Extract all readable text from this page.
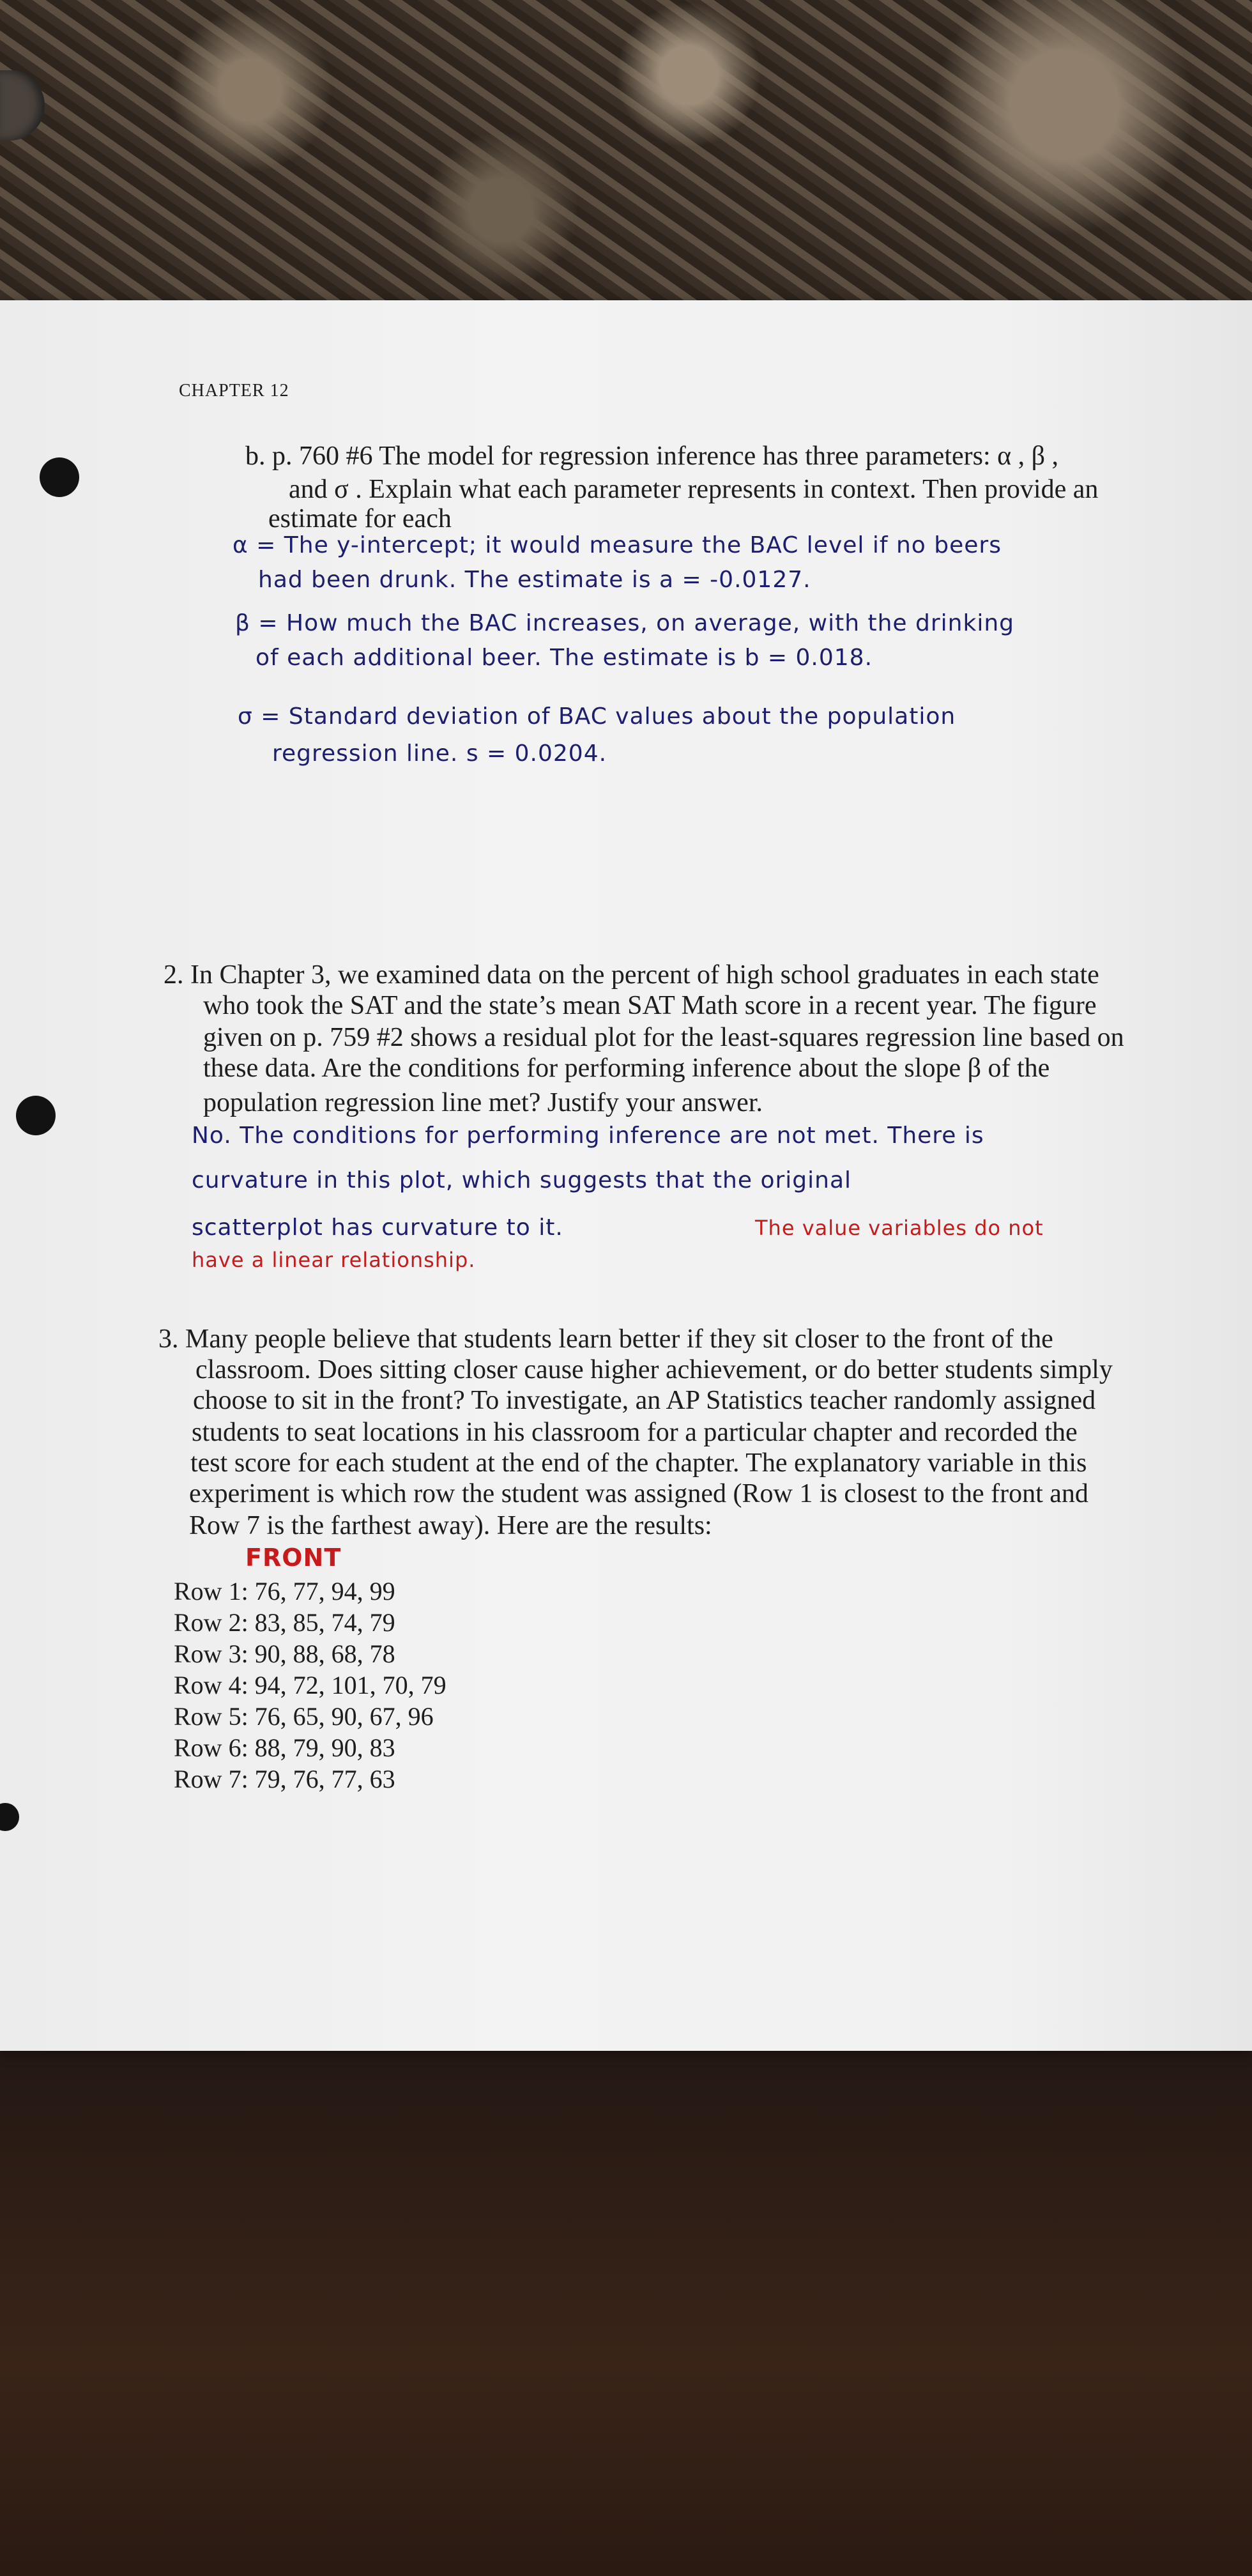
CHAPTER 12
b. p. 760 #6 The model for regression inference has three parameters: α , β ,
and σ . Explain what each parameter represents in context. Then provide an
estimate for each
α = The y-intercept; it would measure the BAC level if no beers
had been drunk. The estimate is a = -0.0127.
β = How much the BAC increases, on average, with the drinking
of each additional beer. The estimate is b = 0.018.
σ = Standard deviation of BAC values about the population
regression line. s = 0.0204.
2. In Chapter 3, we examined data on the percent of high school graduates in each state
who took the SAT and the state’s mean SAT Math score in a recent year. The figure
given on p. 759 #2 shows a residual plot for the least-squares regression line based on
these data. Are the conditions for performing inference about the slope β of the
population regression line met? Justify your answer.
No. The conditions for performing inference are not met. There is
curvature in this plot, which suggests that the original
scatterplot has curvature to it.	The value variables do not
have a linear relationship.
3. Many people believe that students learn better if they sit closer to the front of the
classroom. Does sitting closer cause higher achievement, or do better students simply
choose to sit in the front? To investigate, an AP Statistics teacher randomly assigned
students to seat locations in his classroom for a particular chapter and recorded the
test score for each student at the end of the chapter. The explanatory variable in this
experiment is which row the student was assigned (Row 1 is closest to the front and
Row 7 is the farthest away). Here are the results:
FRONT
Row 1: 76, 77, 94, 99
Row 2: 83, 85, 74, 79
Row 3: 90, 88, 68, 78
Row 4: 94, 72, 101, 70, 79
Row 5: 76, 65, 90, 67, 96
Row 6: 88, 79, 90, 83
Row 7: 79, 76, 77, 63
